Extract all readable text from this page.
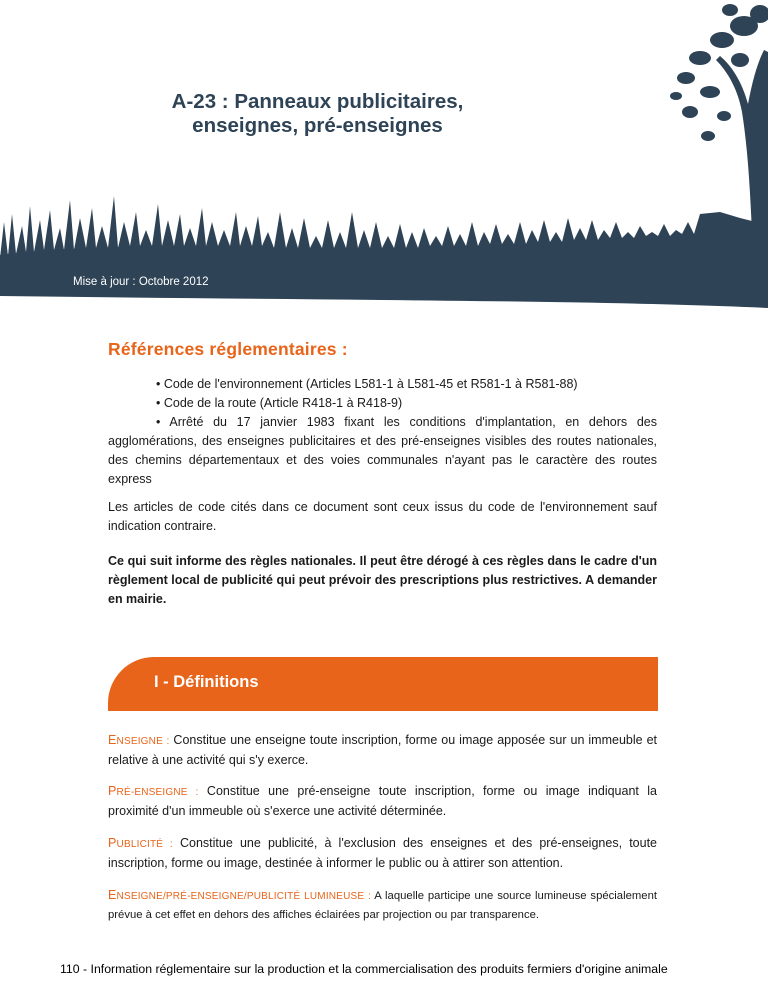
A-23 : Panneaux publicitaires,
enseignes, pré-enseignes
Mise à jour : Octobre 2012
Références réglementaires :
• Code de l'environnement (Articles L581-1 à L581-45 et R581-1 à R581-88)
• Code de la route (Article R418-1 à R418-9)
• Arrêté du 17 janvier 1983 fixant les conditions d'implantation, en dehors des agglomérations, des enseignes publicitaires et des pré-enseignes visibles des routes nationales, des chemins départementaux et des voies communales n'ayant pas le caractère des routes express
Les articles de code cités dans ce document sont ceux issus du code de l'environnement sauf indication contraire.
Ce qui suit informe des règles nationales. Il peut être dérogé à ces règles dans le cadre d'un règlement local de publicité qui peut prévoir des prescriptions plus restrictives. A demander en mairie.
I - Définitions
ENSEIGNE : Constitue une enseigne toute inscription, forme ou image apposée sur un immeuble et relative à une activité qui s'y exerce.
PRÉ-ENSEIGNE : Constitue une pré-enseigne toute inscription, forme ou image indiquant la proximité d'un immeuble où s'exerce une activité déterminée.
PUBLICITÉ : Constitue une publicité, à l'exclusion des enseignes et des pré-enseignes, toute inscription, forme ou image, destinée à informer le public ou à attirer son attention.
ENSEIGNE/PRÉ-ENSEIGNE/PUBLICITÉ LUMINEUSE : A laquelle participe une source lumineuse spécialement prévue à cet effet en dehors des affiches éclairées par projection ou par transparence.
110 - Information réglementaire sur la production et la commercialisation des produits fermiers d'origine animale
